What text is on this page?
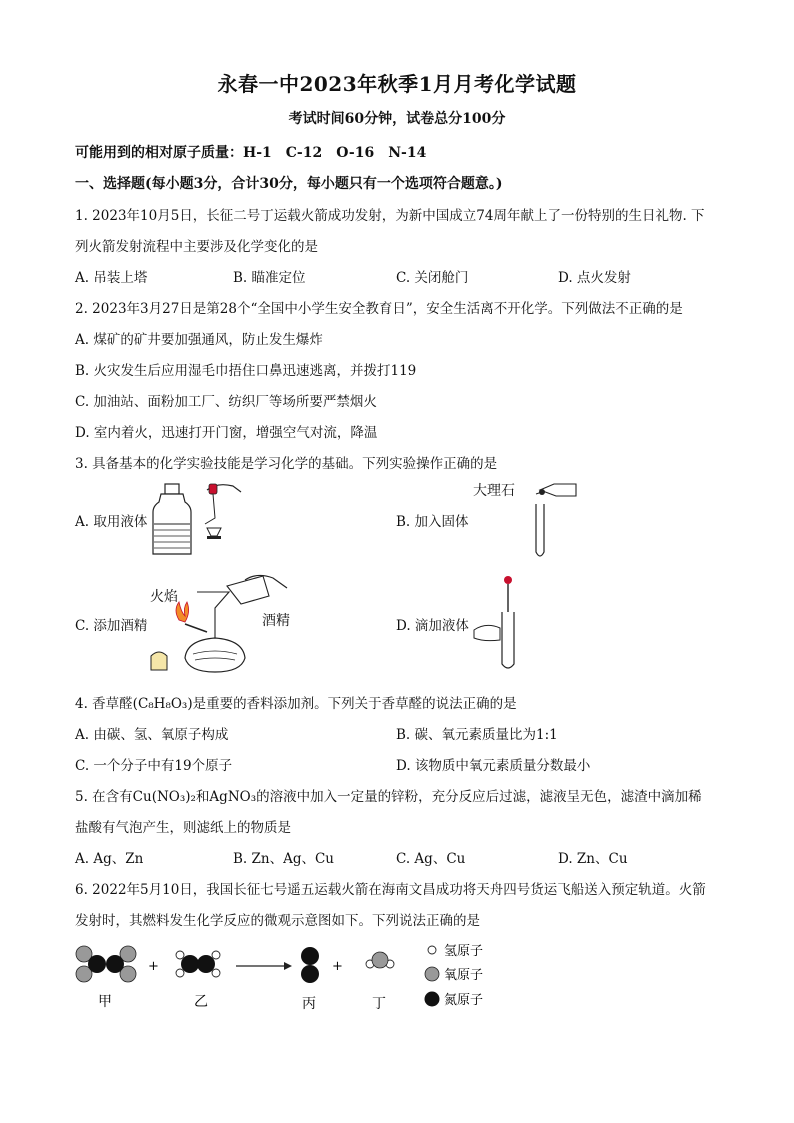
永春一中2023年秋季1月月考化学试题
考试时间60分钟，试卷总分100分
可能用到的相对原子质量：H-1　C-12　O-16　N-14
一、选择题(每小题3分，合计30分，每小题只有一个选项符合题意。)
1. 2023年10月5日，长征二号丁运载火箭成功发射，为新中国成立74周年献上了一份特别的生日礼物. 下
列火箭发射流程中主要涉及化学变化的是
A. 吊装上塔	B. 瞄准定位	C. 关闭舱门	D. 点火发射
2. 2023年3月27日是第28个“全国中小学生安全教育日”，安全生活离不开化学。下列做法不正确的是
A. 煤矿的矿井要加强通风，防止发生爆炸
B. 火灾发生后应用湿毛巾捂住口鼻迅速逃离，并拨打119
C. 加油站、面粉加工厂、纺织厂等场所要严禁烟火
D. 室内着火，迅速打开门窗，增强空气对流，降温
3. 具备基本的化学实验技能是学习化学的基础。下列实验操作正确的是
A. 取用液体	B. 加入固体
C. 添加酒精	D. 滴加液体
大理石
火焰
酒精
4. 香草醛(C₈H₈O₃)是重要的香料添加剂。下列关于香草醛的说法正确的是
A. 由碳、氢、氧原子构成	B. 碳、氧元素质量比为1:1
C. 一个分子中有19个原子	D. 该物质中氧元素质量分数最小
5. 在含有Cu(NO₃)₂和AgNO₃的溶液中加入一定量的锌粉，充分反应后过滤，滤液呈无色，滤渣中滴加稀
盐酸有气泡产生，则滤纸上的物质是
A. Ag、Zn	B. Zn、Ag、Cu	C. Ag、Cu	D. Zn、Cu
6. 2022年5月10日，我国长征七号遥五运载火箭在海南文昌成功将天舟四号货运飞船送入预定轨道。火箭
发射时，其燃料发生化学反应的微观示意图如下。下列说法正确的是
+	+
甲	乙	丙	丁
氢原子
氧原子
氮原子
